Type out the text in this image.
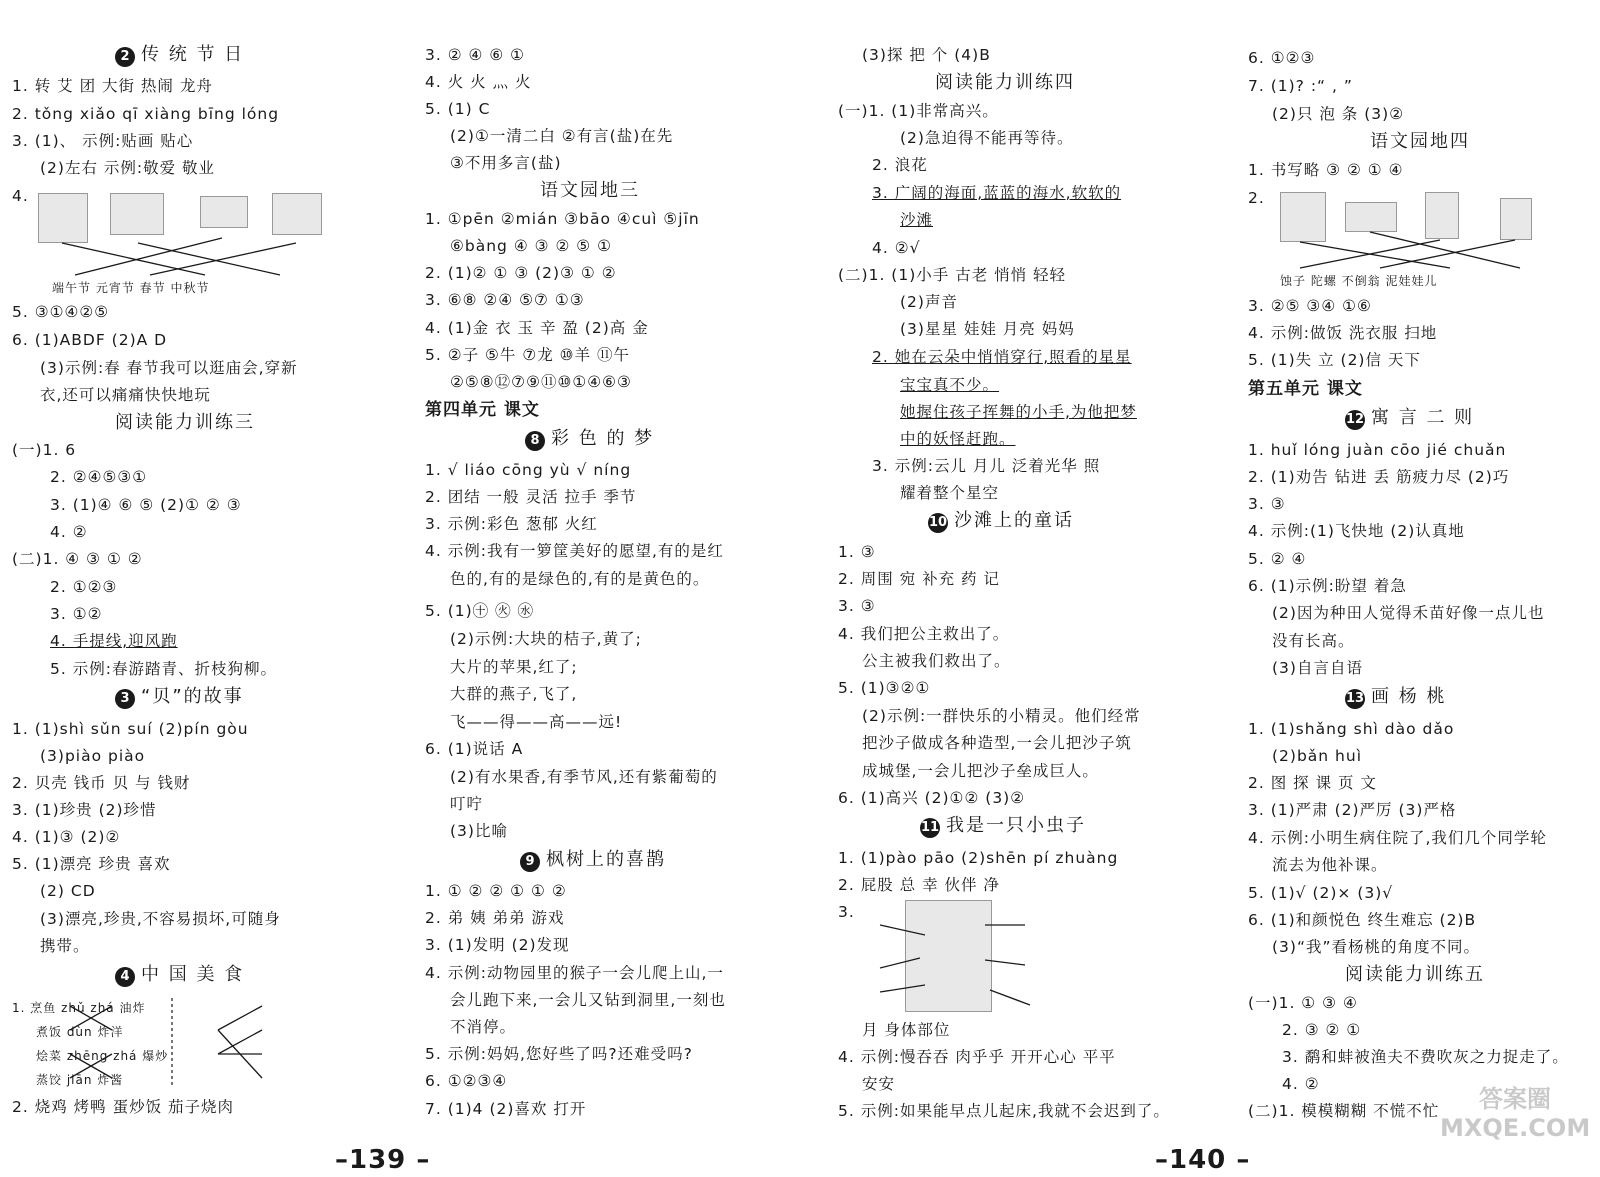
2 传 统 节 日
1. 转 艾 团 大街 热闹 龙舟
2. tǒng xiǎo qī xiàng bīng lóng
3. (1)、 示例:贴画 贴心
(2)左右 示例:敬爱 敬业
4.
端午节 元宵节 春节 中秋节
5. ③①④②⑤
6. (1)ABDF (2)A D
(3)示例:春 春节我可以逛庙会,穿新
衣,还可以痛痛快快地玩
阅读能力训练三
(一)1. 6
2. ②④⑤③①
3. (1)④ ⑥ ⑤ (2)① ② ③
4. ②
(二)1. ④ ③ ① ②
2. ①②③
3. ①②
4. 手提线,迎风跑
5. 示例:春游踏青、折枝狗柳。
3 “贝”的故事
1. (1)shì sǔn suí (2)pín gòu
(3)piào piào
2. 贝壳 钱币 贝 与 钱财
3. (1)珍贵 (2)珍惜
4. (1)③ (2)②
5. (1)漂亮 珍贵 喜欢
(2) CD
(3)漂亮,珍贵,不容易损坏,可随身
携带。
4 中 国 美 食
1. 烹鱼 zhǔ zhá 油炸
煮饭 dùn 炸洋
烩菜 zhēng zhá 爆炒
蒸饺 jiān 炸酱
2. 烧鸡 烤鸭 蛋炒饭 茄子烧肉
3. ② ④ ⑥ ①
4. 火 火 灬 火
5. (1) C
(2)①一清二白 ②有言(盐)在先
③不用多言(盐)
语文园地三
1. ①pēn ②mián ③bāo ④cuì ⑤jīn
⑥bàng ④ ③ ② ⑤ ①
2. (1)② ① ③ (2)③ ① ②
3. ⑥⑧ ②④ ⑤⑦ ①③
4. (1)金 衣 玉 辛 盈 (2)高 金
5. ②子 ⑤牛 ⑦龙 ⑩羊 ⑪午
②⑤⑧⑫⑦⑨⑪⑩①④⑥③
第四单元 课文
8 彩 色 的 梦
1. √ liáo cōng yù √ níng
2. 团结 一般 灵活 拉手 季节
3. 示例:彩色 葱郁 火红
4. 示例:我有一箩筐美好的愿望,有的是红
色的,有的是绿色的,有的是黄色的。
5. (1)㊉ ㊋ ㊌
(2)示例:大块的桔子,黄了;
大片的苹果,红了;
大群的燕子,飞了,
飞——得——高——远!
6. (1)说话 A
(2)有水果香,有季节风,还有紫葡萄的
叮咛
(3)比喻
9 枫树上的喜鹊
1. ① ② ② ① ① ②
2. 弟 姨 弟弟 游戏
3. (1)发明 (2)发现
4. 示例:动物园里的猴子一会儿爬上山,一
会儿跑下来,一会儿又钻到洞里,一刻也
不消停。
5. 示例:妈妈,您好些了吗?还难受吗?
6. ①②③④
7. (1)4 (2)喜欢 打开
(3)探 把 个 (4)B
阅读能力训练四
(一)1. (1)非常高兴。
(2)急迫得不能再等待。
2. 浪花
3. 广阔的海面,蓝蓝的海水,软软的
沙滩
4. ②√
(二)1. (1)小手 古老 悄悄 轻轻
(2)声音
(3)星星 娃娃 月亮 妈妈
2. 她在云朵中悄悄穿行,照看的星星
宝宝真不少。
她握住孩子挥舞的小手,为他把梦
中的妖怪赶跑。
3. 示例:云儿 月儿 泛着光华 照
耀着整个星空
10 沙滩上的童话
1. ③
2. 周围 宛 补充 药 记
3. ③
4. 我们把公主救出了。
公主被我们救出了。
5. (1)③②①
(2)示例:一群快乐的小精灵。他们经常
把沙子做成各种造型,一会儿把沙子筑
成城堡,一会儿把沙子垒成巨人。
6. (1)高兴 (2)①② (3)②
11 我是一只小虫子
1. (1)pào pāo (2)shēn pí zhuàng
2. 屁股 总 幸 伙伴 净
3.
月 身体部位
4. 示例:慢吞吞 肉乎乎 开开心心 平平
安安
5. 示例:如果能早点儿起床,我就不会迟到了。
6. ①②③
7. (1)? :“ , ”
(2)只 泡 条 (3)②
语文园地四
1. 书写略 ③ ② ① ④
2.
蚀子 陀螺 不倒翁 泥娃娃儿
3. ②⑤ ③④ ①⑥
4. 示例:做饭 洗衣服 扫地
5. (1)失 立 (2)信 天下
第五单元 课文
12 寓 言 二 则
1. huǐ lóng juàn cōo jié chuǎn
2. (1)劝告 钻进 丢 筋疲力尽 (2)巧
3. ③
4. 示例:(1)飞快地 (2)认真地
5. ② ④
6. (1)示例:盼望 着急
(2)因为种田人觉得禾苗好像一点儿也
没有长高。
(3)自言自语
13 画 杨 桃
1. (1)shǎng shì dào dǎo
(2)bǎn huì
2. 图 探 课 页 文
3. (1)严肃 (2)严厉 (3)严格
4. 示例:小明生病住院了,我们几个同学轮
流去为他补课。
5. (1)√ (2)× (3)√
6. (1)和颜悦色 终生难忘 (2)B
(3)“我”看杨桃的角度不同。
阅读能力训练五
(一)1. ① ③ ④
2. ③ ② ①
3. 鹬和蚌被渔夫不费吹灰之力捉走了。
4. ②
(二)1. 模模糊糊 不慌不忙
–139 –	–140 –
答案圈 MXQE.COM
